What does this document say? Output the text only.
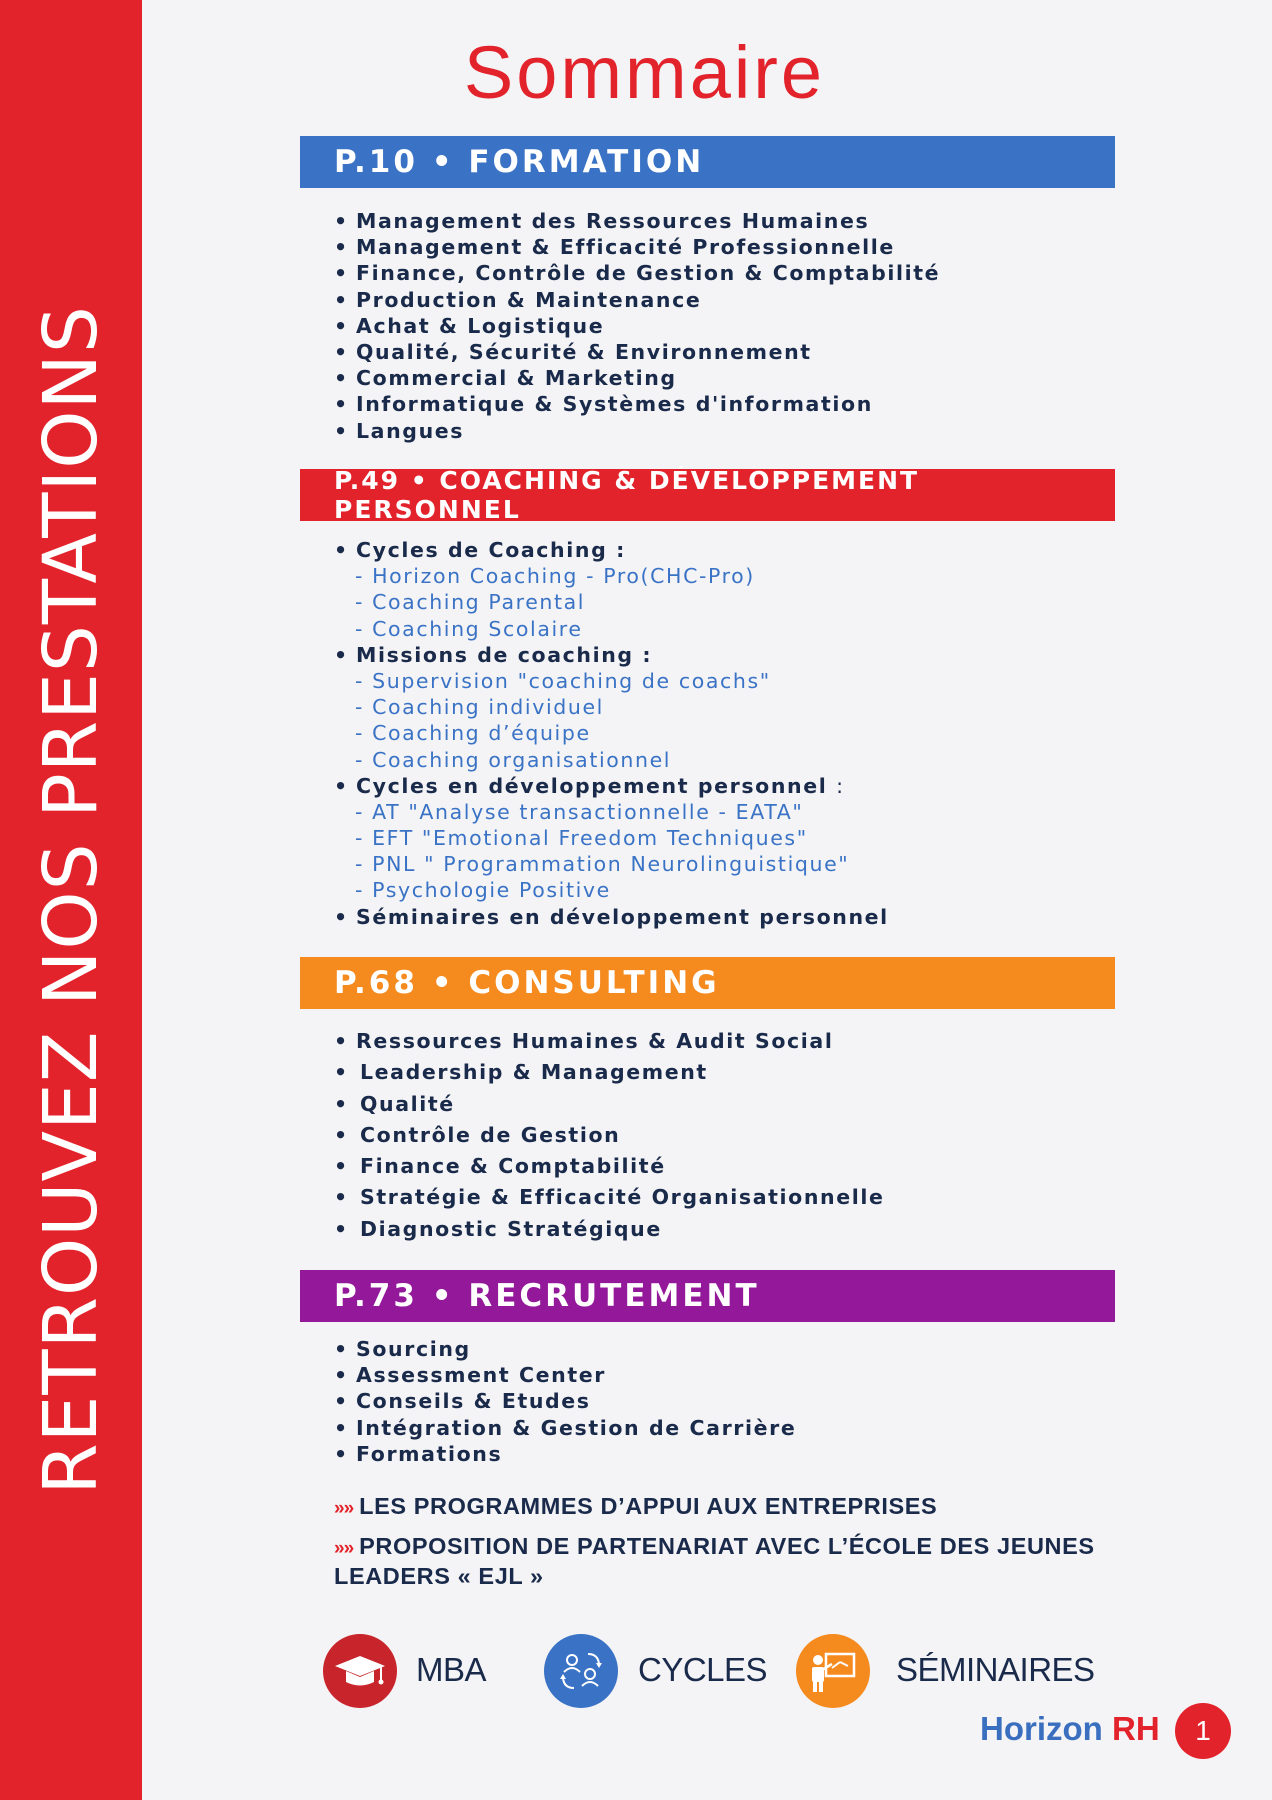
RETROUVEZ NOS PRESTATIONS
Sommaire
P.10 • FORMATION
• Management des Ressources Humaines
• Management & Efficacité Professionnelle
• Finance, Contrôle de Gestion & Comptabilité
• Production & Maintenance
• Achat & Logistique
• Qualité, Sécurité & Environnement
• Commercial & Marketing
• Informatique & Systèmes d'information
• Langues
P.49 • COACHING & DÉVELOPPEMENT PERSONNEL
• Cycles de Coaching :
- Horizon Coaching - Pro(CHC-Pro)
- Coaching Parental
- Coaching Scolaire
• Missions de coaching :
- Supervision "coaching de coachs"
- Coaching individuel
- Coaching d’équipe
- Coaching organisationnel
• Cycles en développement personnel :
- AT "Analyse transactionnelle - EATA"
- EFT "Emotional Freedom Techniques"
- PNL " Programmation Neurolinguistique"
- Psychologie Positive
• Séminaires en développement personnel
P.68 • CONSULTING
• Ressources Humaines & Audit Social
• Leadership & Management
• Qualité
• Contrôle de Gestion
• Finance & Comptabilité
• Stratégie & Efficacité Organisationnelle
• Diagnostic Stratégique
P.73 • RECRUTEMENT
• Sourcing
• Assessment Center
• Conseils & Etudes
• Intégration & Gestion de Carrière
• Formations
»» LES PROGRAMMES D’APPUI AUX ENTREPRISES
»» PROPOSITION DE PARTENARIAT AVEC L’ÉCOLE DES JEUNES
LEADERS « EJL »
MBA	CYCLES	SÉMINAIRES
Horizon RH	1
